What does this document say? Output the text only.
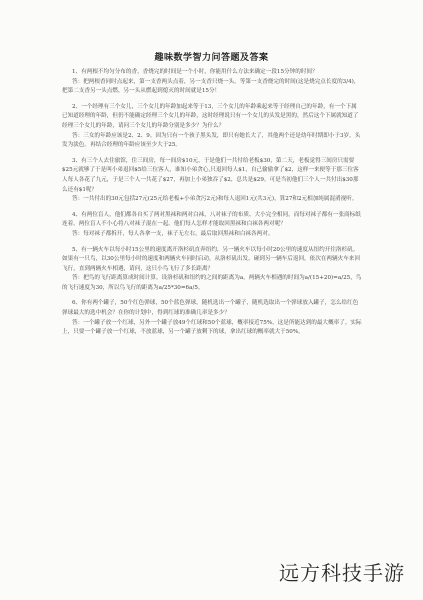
趣味数学智力问答题及答案

1、有两根不均匀分布的香，香烧完的时间是一个小时，你能用什么方法来确定一段15分钟的时间？

答：把两根香同时点起来，第一支香两头点着，另一支香只烧一头。等第一支香烧完的时间(这是烧完点长度的3/4)，把第二支香另一头点燃，另一头从燃起到熄灭的时间就是15分！

2、一个经理有三个女儿，三个女儿的年龄加起来等于13，三个女儿的年龄乘起来等于经理自己的年龄，有一个下属已知道经理的年龄，但仍不能确定经理三个女儿的年龄，这时经理说只有一个女儿的头发是黑的，然后这个下属就知道了经理三个女儿的年龄，请问三个女儿的年龄分别是多少？为什么？

答：三女的年龄应该是2、2、9。因为只有一个孩子黑头发，即只有她长大了，其他两个还是幼年时期即小于3岁，头发为淡色。再结合经理的年龄应该至少大于25。

3、有三个人去住旅馆，住三间房，每一间房$10元，于是他们一共付给老板$30，第二天，老板觉得三间房只需要$25元就够了于是叫小弟退回$5给三位客人，谁知小弟贪心,只退回每人$1，自己偷偷拿了$2，这样一来便等于那三位客人每人各花了九元，于是三个人一共花了$27，再加上小弟独吞了$2，总共是$29。可是当初他们三个人一共付出$30那么还有$1呢？

答：一共付出的30元包括27元(25元给老板+小弟贪污2元)和每人退回1元(共3元)，算27和2元相加纯属混淆视听。

4、有两位盲人，他们都各自买了两对黑袜和两对白袜，八对袜子的布质、大小完全相同，而每对袜子都有一张商标纸连着。两位盲人不小心将八对袜子混在一起。他们每人怎样才能取回黑袜和白袜各两对呢？

答：每对袜子都拆开，每人各拿一支，袜子无左右，最后取回黑袜和白袜各两对。

5、有一辆火车以每小时15公里的速度离开洛杉矶直奔纽约，另一辆火车以每小时20公里的速度从纽约开往洛杉矶。如果有一只鸟，以30公里每小时的速度和两辆火车同时启动，从洛杉矶出发，碰到另一辆车后返回，依次在两辆火车来回飞行，直到两辆火车相遇，请问，这只小鸟飞行了多长距离？

答：把鸟的飞行距离算成时间计算。设洛杉矶和纽约的之间的距离为a，两辆火车相遇的时间为a/(15+20)=a/25，鸟的飞行速度为30，所以鸟飞行的距离为a/25*30=6a/5。

6、你有两个罐子，50个红色弹球，50个蓝色弹球，随机选出一个罐子，随机选取出一个弹球放入罐子，怎么给红色弹球最大的选中机会？在你的计划中，得到红球的准确几率是多少？

答：一个罐子放一个红球，另外一个罐子放49个红球和50个蓝球，概率接近75%，这是所能达到的最大概率了。实际上，只要一个罐子放一个红球，不放蓝球，另一个罐子放剩下的球，拿出红球的概率就大于50%。

远方科技手游
